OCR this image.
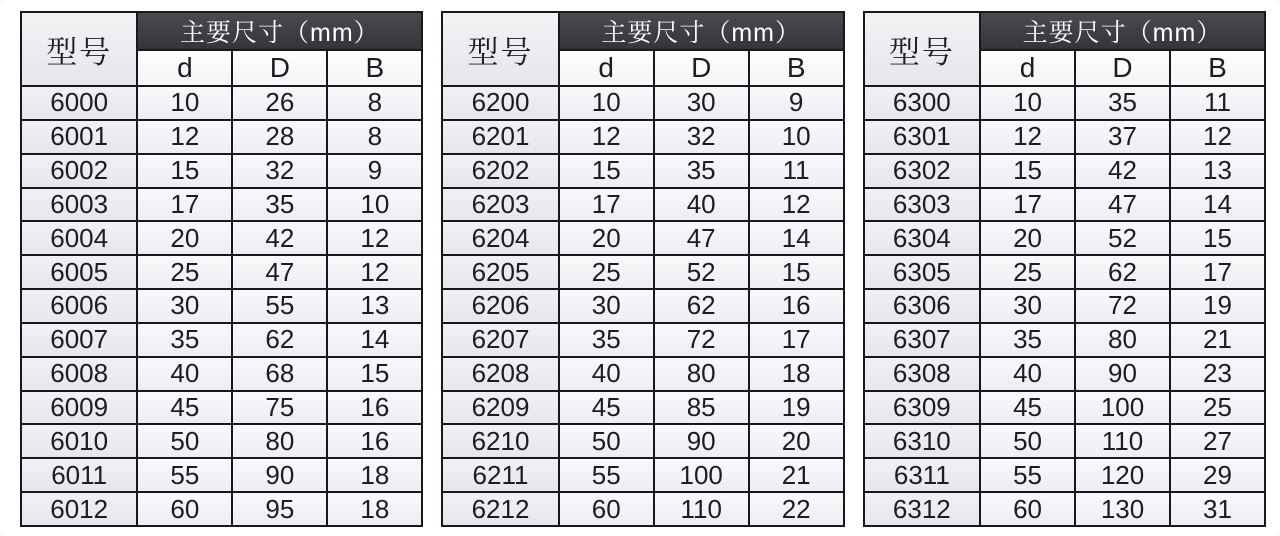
型号	主要尺寸（mm）		
	d	D	B
6000	10	26	8
6001	12	28	8
6002	15	32	9
6003	17	35	10
6004	20	42	12
6005	25	47	12
6006	30	55	13
6007	35	62	14
6008	40	68	15
6009	45	75	16
6010	50	80	16
6011	55	90	18
6012	60	95	18
型号	主要尺寸（mm）		
	d	D	B
6200	10	30	9
6201	12	32	10
6202	15	35	11
6203	17	40	12
6204	20	47	14
6205	25	52	15
6206	30	62	16
6207	35	72	17
6208	40	80	18
6209	45	85	19
6210	50	90	20
6211	55	100	21
6212	60	110	22
型号	主要尺寸（mm）		
	d	D	B
6300	10	35	11
6301	12	37	12
6302	15	42	13
6303	17	47	14
6304	20	52	15
6305	25	62	17
6306	30	72	19
6307	35	80	21
6308	40	90	23
6309	45	100	25
6310	50	110	27
6311	55	120	29
6312	60	130	31
